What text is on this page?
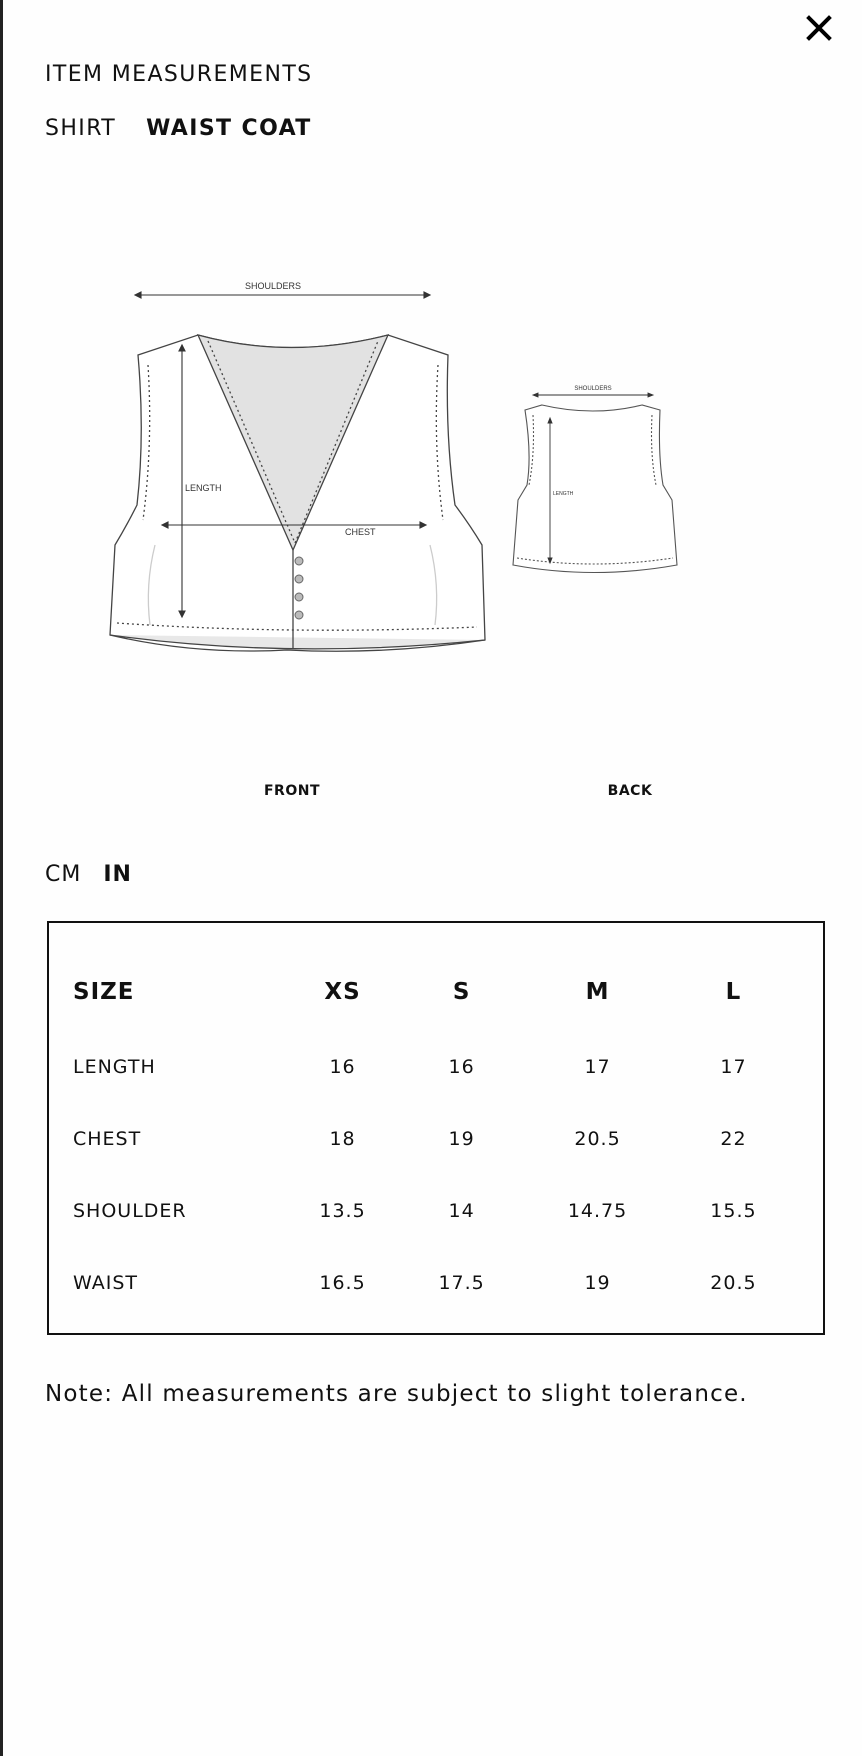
ITEM MEASUREMENTS
SHIRT WAIST COAT
SHOULDERS
LENGTH
CHEST
SHOULDERS
LENGTH
FRONT	BACK
CM IN
SIZE	XS	S	M	L
LENGTH	16	16	17	17
CHEST	18	19	20.5	22
SHOULDER	13.5	14	14.75	15.5
WAIST	16.5	17.5	19	20.5

Note: All measurements are subject to slight tolerance.
